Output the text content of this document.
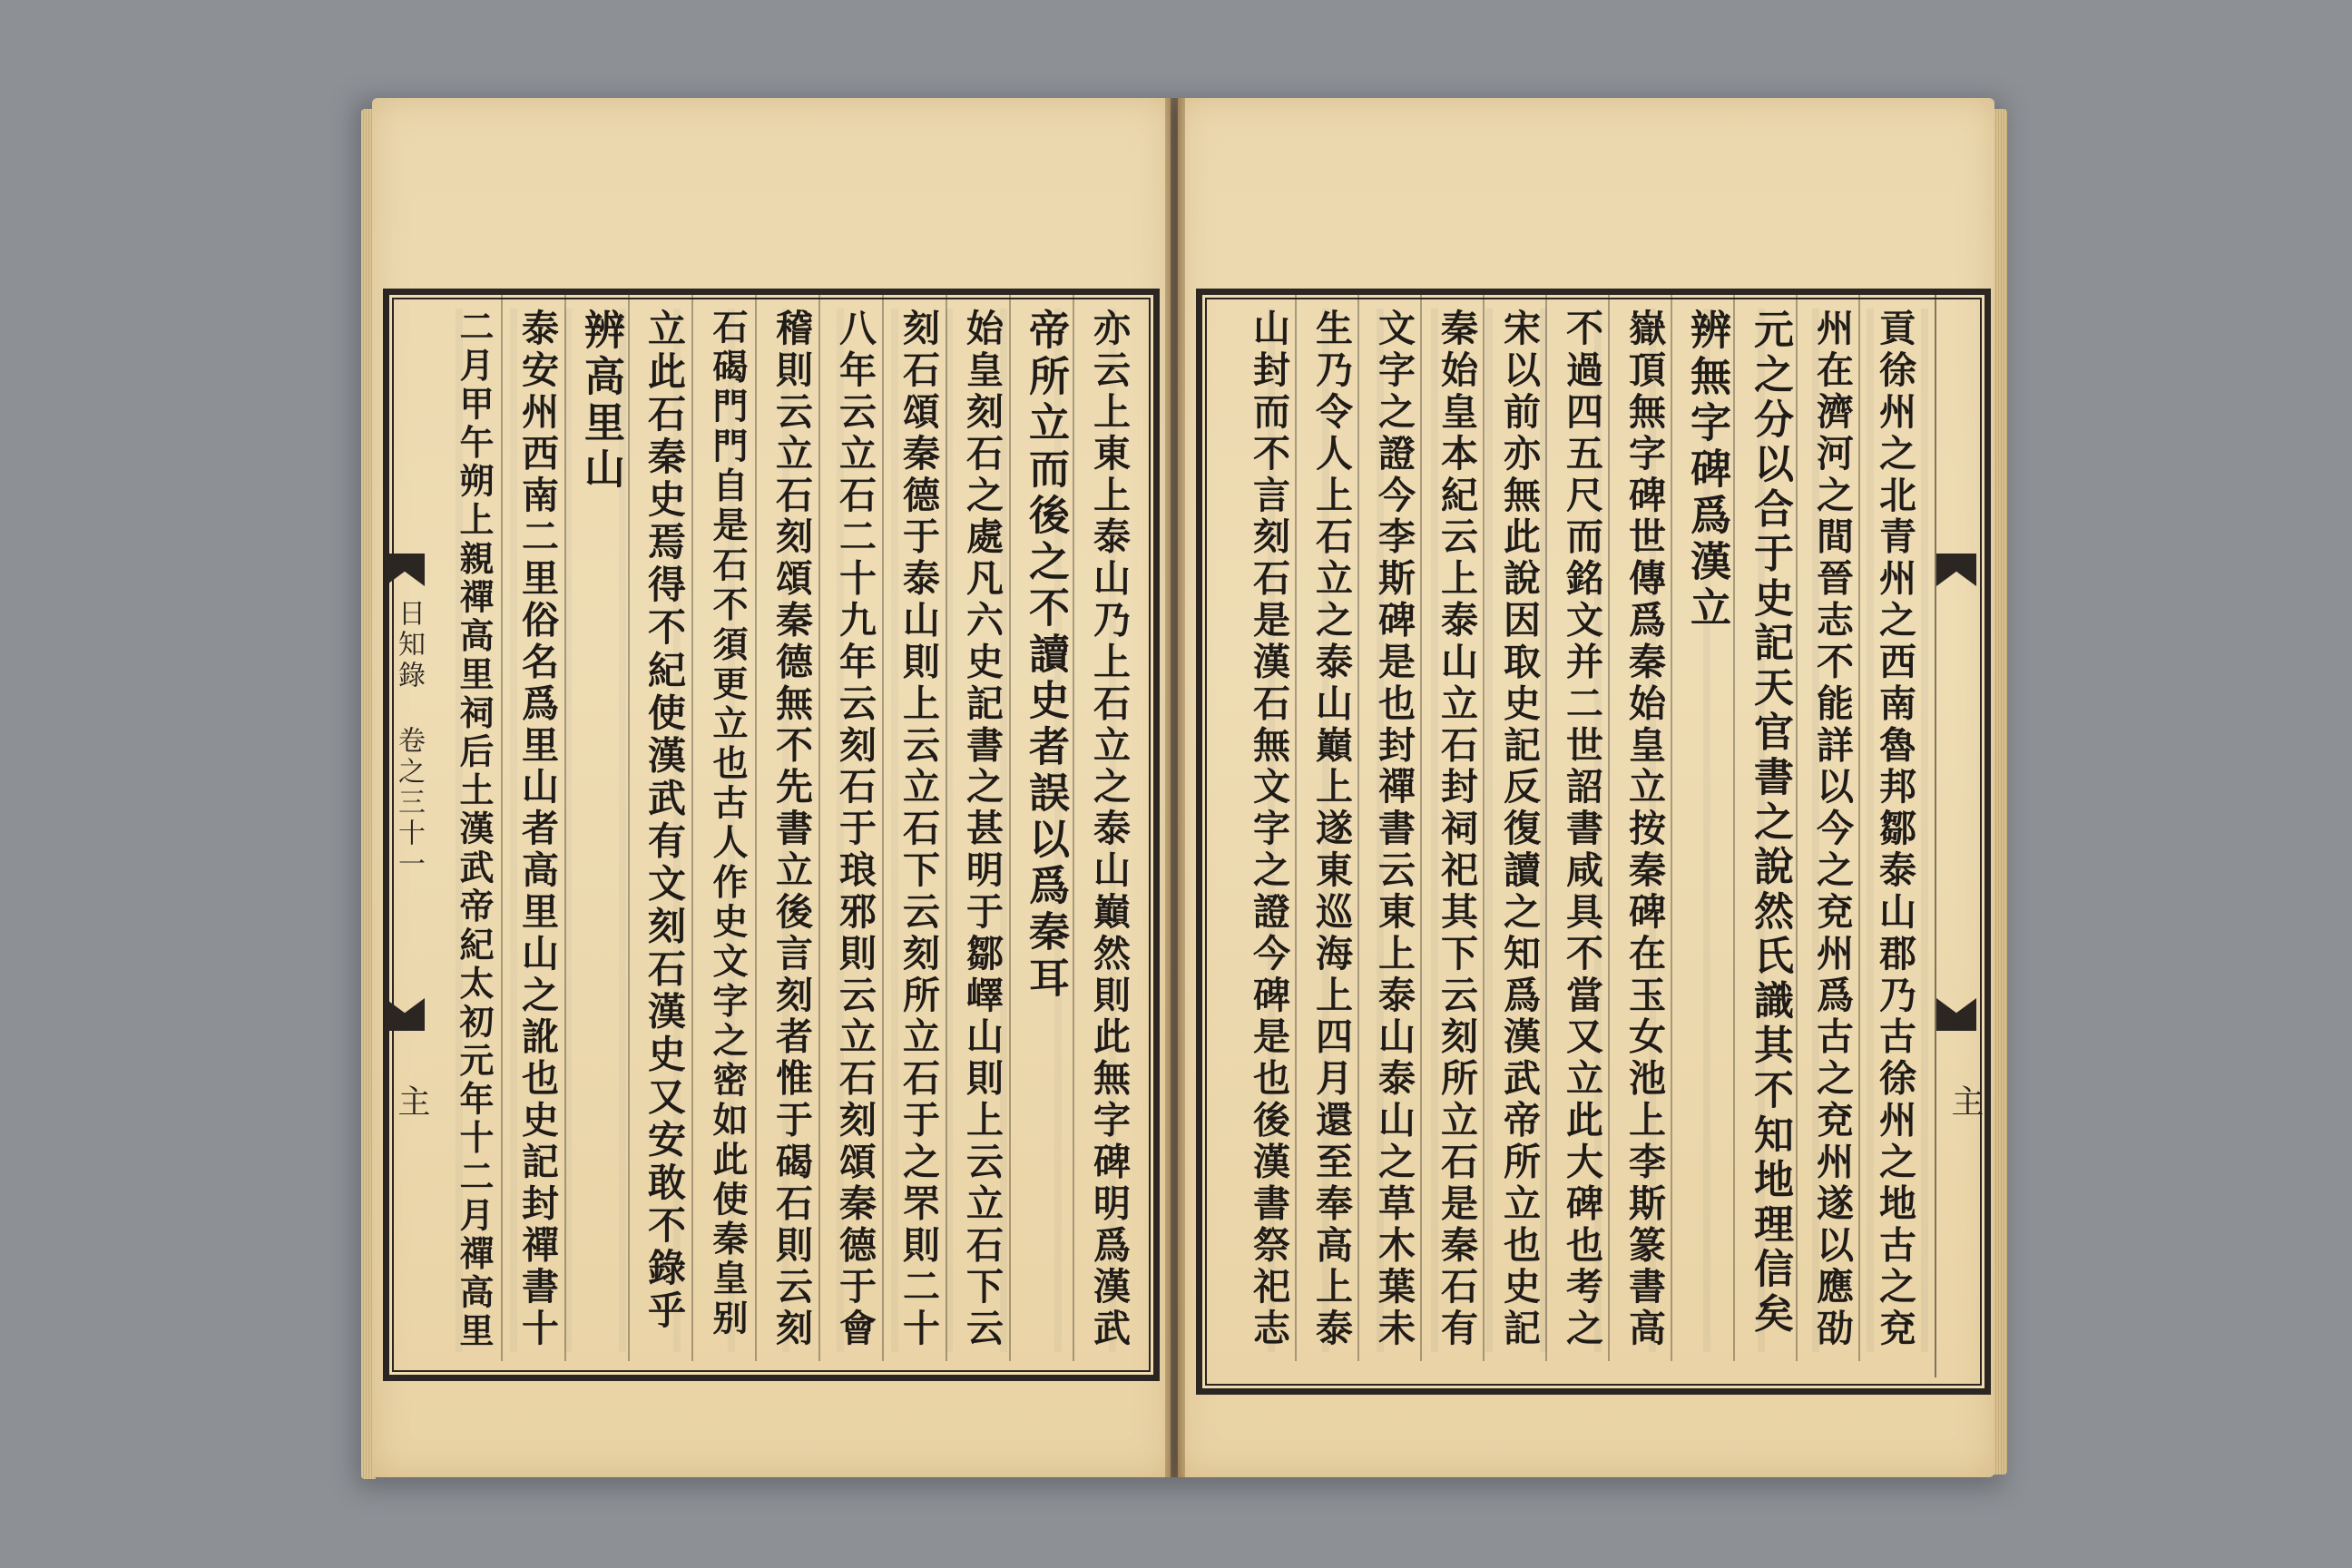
日知錄
卷之三十一
主	亦云上東上泰山乃上石立之泰山巔然則此無字碑明爲漢武
帝所立而後之不讀史者誤以爲秦耳
始皇刻石之處凡六史記書之甚明于鄒嶧山則上云立石下云
刻石頌秦德于泰山則上云立石下云刻所立石于之罘則二十
八年云立石二十九年云刻石于琅邪則云立石刻頌秦德于會
稽則云立石刻頌秦德無不先書立後言刻者惟于碣石則云刻
石碣門門自是石不須更立也古人作史文字之密如此使秦皇别
立此石秦史焉得不紀使漢武有文刻石漢史又安敢不錄乎
辨高里山
泰安州西南二里俗名爲里山者高里山之訛也史記封禪書十
二月甲午朔上親禪高里祠后土漢武帝紀太初元年十二月禪高里	主
貢徐州之北青州之西南魯邦鄒泰山郡乃古徐州之地古之兗
州在濟河之間晉志不能詳以今之兗州爲古之兗州遂以應劭
元之分以合于史記天官書之說然氏識其不知地理信矣
辨無字碑爲漢立
嶽頂無字碑世傳爲秦始皇立按秦碑在玉女池上李斯篆書高
不過四五尺而銘文并二世詔書咸具不當又立此大碑也考之
宋以前亦無此說因取史記反復讀之知爲漢武帝所立也史記
秦始皇本紀云上泰山立石封祠祀其下云刻所立石是秦石有
文字之證今李斯碑是也封禪書云東上泰山泰山之草木葉未
生乃令人上石立之泰山巔上遂東巡海上四月還至奉高上泰
山封而不言刻石是漢石無文字之證今碑是也後漢書祭祀志
